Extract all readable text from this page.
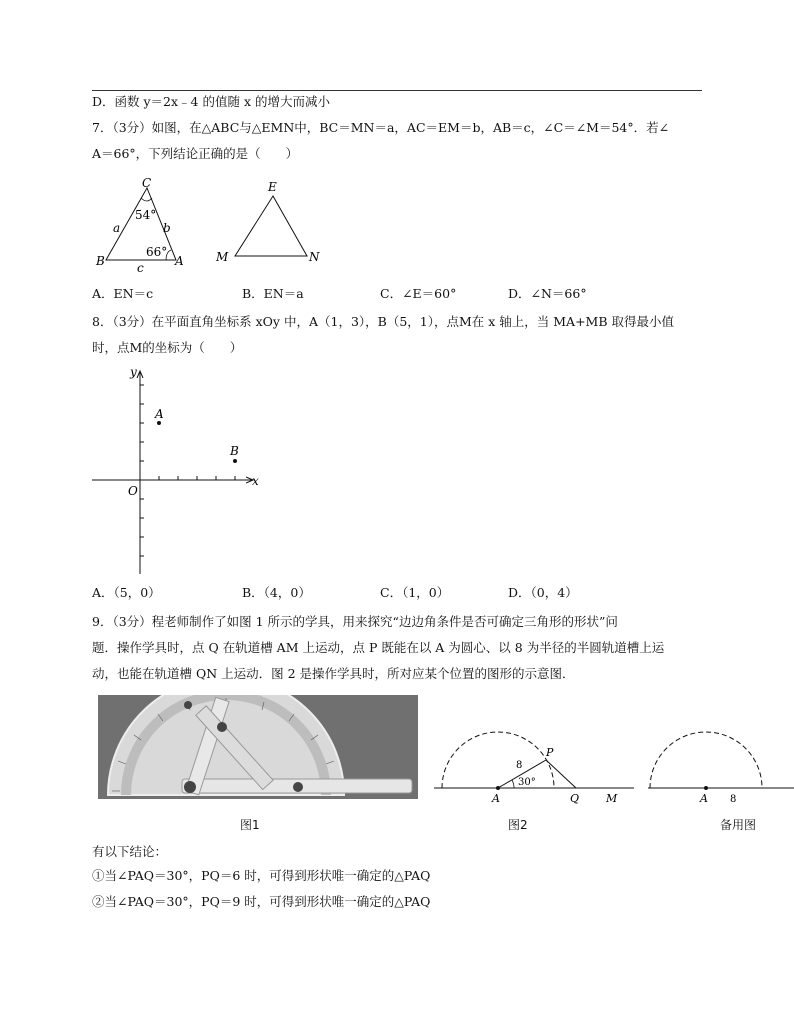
D．函数 y＝2x﹣4 的值随 x 的增大而减小
7．（3分）如图，在△ABC与△EMN中，BC＝MN＝a，AC＝EM＝b，AB＝c，∠C＝∠M＝54°．若∠
A＝66°，下列结论正确的是（　　）
C
B	A
a	b
c
54°
66°
E
M	N
A．EN＝c	B．EN＝a	C．∠E＝60°	D．∠N＝66°
8．（3分）在平面直角坐标系 xOy 中，A（1，3），B（5，1），点M在 x 轴上，当 MA+MB 取得最小值
时，点M的坐标为（　　）
y
x
O
A
B
A．（5，0）	B．（4，0）	C．（1，0）	D．（0，4）
9．（3分）程老师制作了如图 1 所示的学具，用来探究“边边角条件是否可确定三角形的形状”问
题．操作学具时，点 Q 在轨道槽 AM 上运动，点 P 既能在以 A 为圆心、以 8 为半径的半圆轨道槽上运
动，也能在轨道槽 QN 上运动．图 2 是操作学具时，所对应某个位置的图形的示意图．
A
P
Q M
8
30°
A 8
图1	图2	备用图
有以下结论：
①当∠PAQ＝30°，PQ＝6 时，可得到形状唯一确定的△PAQ
②当∠PAQ＝30°，PQ＝9 时，可得到形状唯一确定的△PAQ
